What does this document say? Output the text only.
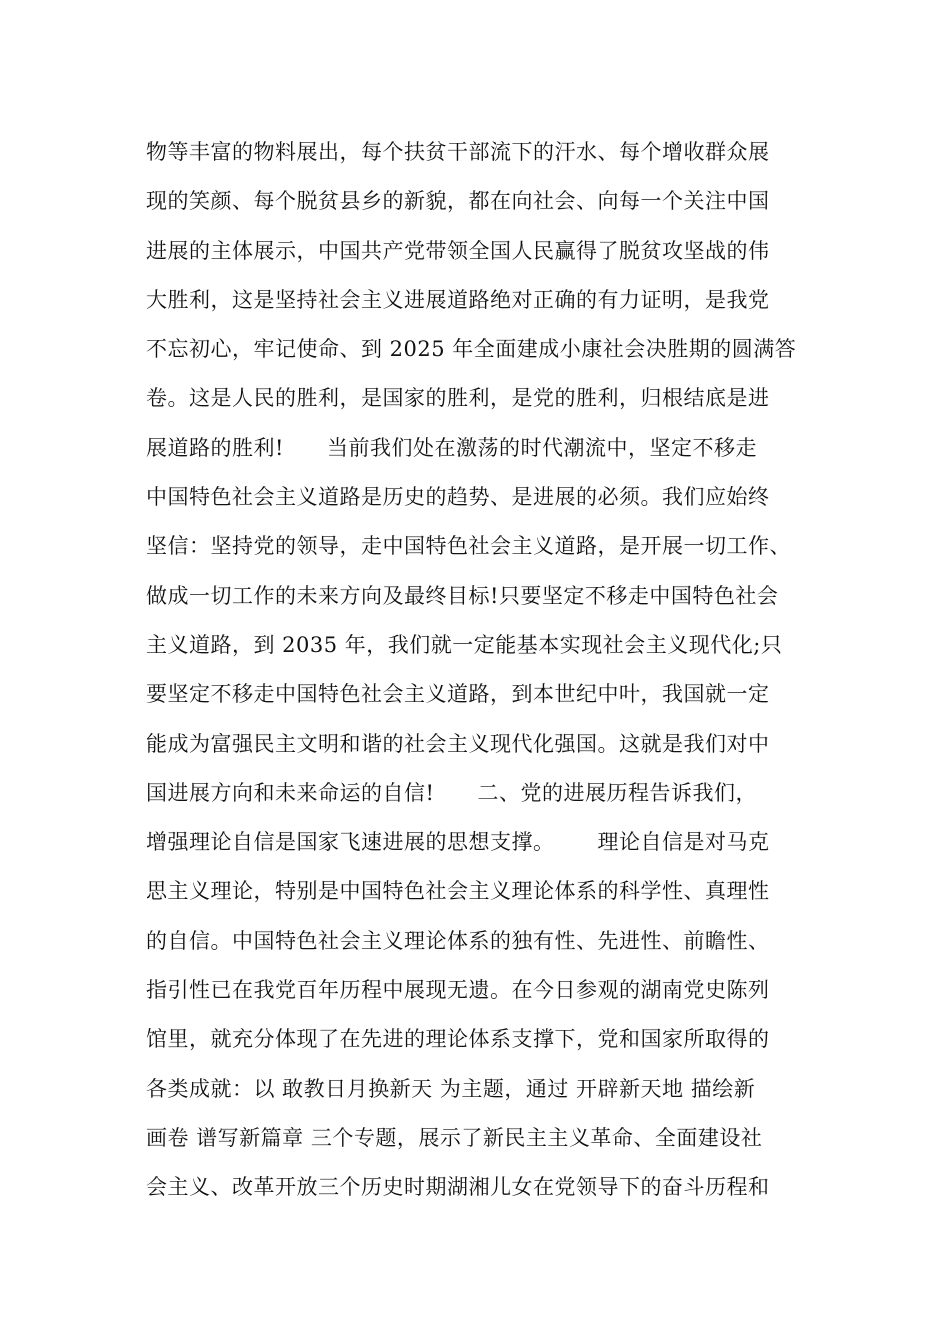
物等丰富的物料展出，每个扶贫干部流下的汗水、每个增收群众展
现的笑颜、每个脱贫县乡的新貌，都在向社会、向每一个关注中国
进展的主体展示，中国共产党带领全国人民赢得了脱贫攻坚战的伟
大胜利，这是坚持社会主义进展道路绝对正确的有力证明，是我党
不忘初心，牢记使命、到 2025 年全面建成小康社会决胜期的圆满答
卷。这是人民的胜利，是国家的胜利，是党的胜利，归根结底是进
展道路的胜利!      当前我们处在激荡的时代潮流中，坚定不移走
中国特色社会主义道路是历史的趋势、是进展的必须。我们应始终
坚信：坚持党的领导，走中国特色社会主义道路，是开展一切工作、
做成一切工作的未来方向及最终目标!只要坚定不移走中国特色社会
主义道路，到 2035 年，我们就一定能基本实现社会主义现代化;只
要坚定不移走中国特色社会主义道路，到本世纪中叶，我国就一定
能成为富强民主文明和谐的社会主义现代化强国。这就是我们对中
国进展方向和未来命运的自信!      二、党的进展历程告诉我们，
增强理论自信是国家飞速进展的思想支撑。      理论自信是对马克
思主义理论，特别是中国特色社会主义理论体系的科学性、真理性
的自信。中国特色社会主义理论体系的独有性、先进性、前瞻性、
指引性已在我党百年历程中展现无遗。在今日参观的湖南党史陈列
馆里，就充分体现了在先进的理论体系支撑下，党和国家所取得的
各类成就：以 敢教日月换新天 为主题，通过 开辟新天地 描绘新
画卷 谱写新篇章 三个专题，展示了新民主主义革命、全面建设社
会主义、改革开放三个历史时期湖湘儿女在党领导下的奋斗历程和
